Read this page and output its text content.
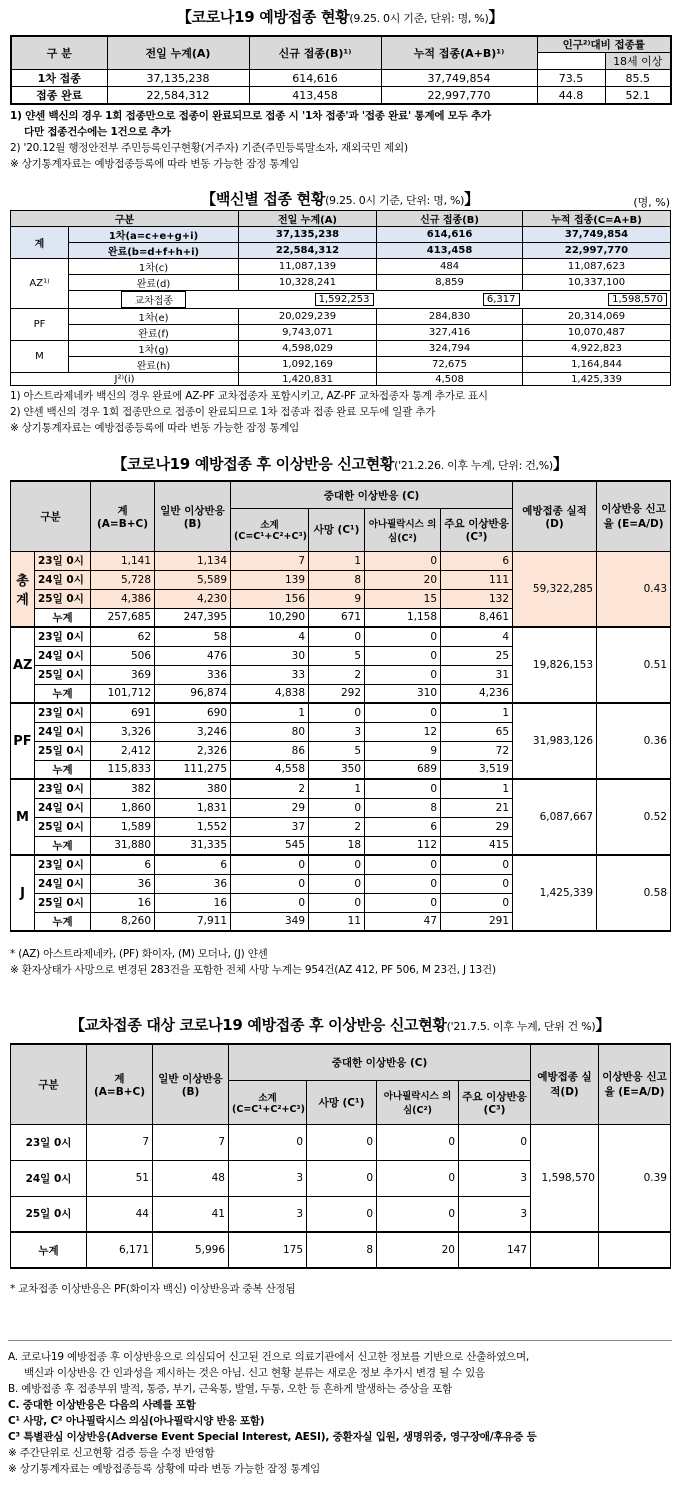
【코로나19 예방접종 현황(9.25. 0시 기준, 단위: 명, %)】
구 분	전일 누계(A)	신규 접종(B)¹⁾	누적 접종(A+B)¹⁾	인구²⁾대비 접종률	
					18세 이상
1차 접종	37,135,238	614,616	37,749,854	73.5	85.5
접종 완료	22,584,312	413,458	22,997,770	44.8	52.1
1) 얀센 백신의 경우 1회 접종만으로 접종이 완료되므로 접종 시 '1차 접종'과 '접종 완료' 통계에 모두 추가
다만 접종건수에는 1건으로 추가
2) '20.12월 행정안전부 주민등록인구현황(거주자) 기준(주민등록말소자, 재외국민 제외)
※ 상기통계자료는 예방접종등록에 따라 변동 가능한 잠정 통계임
【백신별 접종 현황(9.25. 0시 기준, 단위: 명, %)】	(명, %)
구분		전일 누계(A)	신규 접종(B)	누적 접종(C=A+B)
계	1차(a=c+e+g+i)	37,135,238	614,616	37,749,854
	완료(b=d+f+h+i)	22,584,312	413,458	22,997,770
AZ¹⁾	1차(c)	11,087,139	484	11,087,623
	완료(d)	10,328,241	8,859	10,337,100
	교차접종	1,592,253	6,317	1,598,570

PF	1차(e)	20,029,239	284,830	20,314,069
	완료(f)	9,743,071	327,416	10,070,487
M	1차(g)	4,598,029	324,794	4,922,823
	완료(h)	1,092,169	72,675	1,164,844
J²⁾(i)		1,420,831	4,508	1,425,339
1) 아스트라제네카 백신의 경우 완료에 AZ-PF 교차접종자 포함시키고, AZ-PF 교차접종자 통계 추가로 표시
2) 얀센 백신의 경우 1회 접종만으로 접종이 완료되므로 1차 접종과 접종 완료 모두에 일괄 추가
※ 상기통계자료는 예방접종등록에 따라 변동 가능한 잠정 통계임
【코로나19 예방접종 후 이상반응 신고현황('21.2.26. 이후 누계, 단위: 건,%)】
구분		계 (A=B+C)	일반 이상반응 (B)	중대한 이상반응 (C)				예방접종 실적(D)	이상반응 신고율 (E=A/D)
				소계 (C=C¹+C²+C³)	사망 (C¹)	아나필락시스 의심(C²)	주요 이상반응 (C³)		
총계	23일 0시	1,141	1,134	7	1	0	6	59,322,285	0.43
	24일 0시	5,728	5,589	139	8	20	111		
	25일 0시	4,386	4,230	156	9	15	132		
	누계	257,685	247,395	10,290	671	1,158	8,461		
AZ	23일 0시	62	58	4	0	0	4	19,826,153	0.51
	24일 0시	506	476	30	5	0	25		
	25일 0시	369	336	33	2	0	31		
	누계	101,712	96,874	4,838	292	310	4,236		
PF	23일 0시	691	690	1	0	0	1	31,983,126	0.36
	24일 0시	3,326	3,246	80	3	12	65		
	25일 0시	2,412	2,326	86	5	9	72		
	누계	115,833	111,275	4,558	350	689	3,519		
M	23일 0시	382	380	2	1	0	1	6,087,667	0.52
	24일 0시	1,860	1,831	29	0	8	21		
	25일 0시	1,589	1,552	37	2	6	29		
	누계	31,880	31,335	545	18	112	415		
J	23일 0시	6	6	0	0	0	0	1,425,339	0.58
	24일 0시	36	36	0	0	0	0		
	25일 0시	16	16	0	0	0	0		
	누계	8,260	7,911	349	11	47	291		
* (AZ) 아스트라제네카, (PF) 화이자, (M) 모더나, (J) 얀센
※ 환자상태가 사망으로 변경된 283건을 포함한 전체 사망 누계는 954건(AZ 412, PF 506, M 23건, J 13건)
【교차접종 대상 코로나19 예방접종 후 이상반응 신고현황('21.7.5. 이후 누계, 단위 건 %)】
구분	계 (A=B+C)	일반 이상반응 (B)	중대한 이상반응 (C)				예방접종 실적(D)	이상반응 신고율 (E=A/D)
			소계 (C=C¹+C²+C³)	사망 (C¹)	아나필락시스 의심(C²)	주요 이상반응 (C³)		
23일 0시	7	7	0	0	0	0	1,598,570	0.39
24일 0시	51	48	3	0	0	3		
25일 0시	44	41	3	0	0	3		
누계	6,171	5,996	175	8	20	147		
* 교차접종 이상반응은 PF(화이자 백신) 이상반응과 중복 산정됨
A. 코로나19 예방접종 후 이상반응으로 의심되어 신고된 건으로 의료기관에서 신고한 정보를 기반으로 산출하였으며,
백신과 이상반응 간 인과성을 제시하는 것은 아님. 신고 현황 분류는 새로운 정보 추가시 변경 될 수 있음
B. 예방접종 후 접종부위 발적, 통증, 부기, 근육통, 발열, 두통, 오한 등 흔하게 발생하는 증상을 포함
C. 중대한 이상반응은 다음의 사례를 포함
C¹ 사망, C² 아나필락시스 의심(아나필락시양 반응 포함)
C³ 특별관심 이상반응(Adverse Event Special Interest, AESI), 중환자실 입원, 생명위중, 영구장애/후유증 등
※ 주간단위로 신고현황 검증 등을 수정 반영함
※ 상기통계자료는 예방접종등록 상황에 따라 변동 가능한 잠정 통계임
